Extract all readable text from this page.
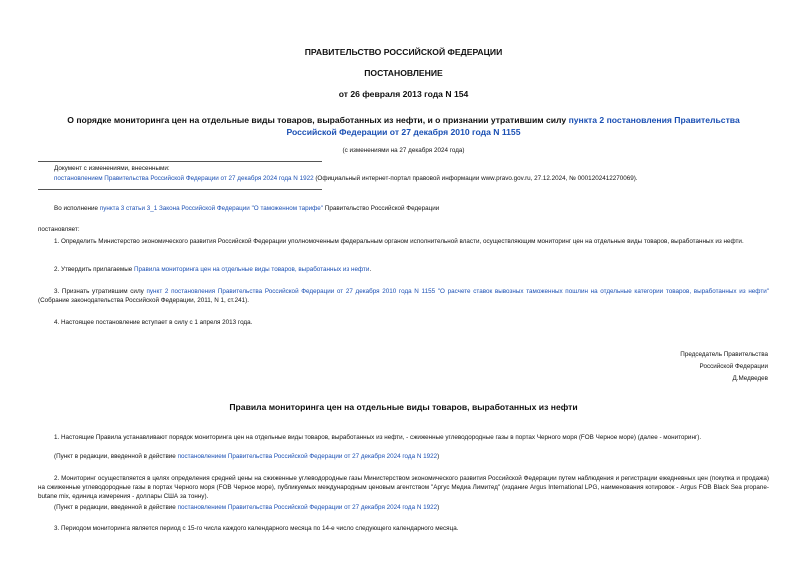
ПРАВИТЕЛЬСТВО РОССИЙСКОЙ ФЕДЕРАЦИИ
ПОСТАНОВЛЕНИЕ
от 26 февраля 2013 года N 154
О порядке мониторинга цен на отдельные виды товаров, выработанных из нефти, и о признании утратившим силу пункта 2 постановления Правительства Российской Федерации от 27 декабря 2010 года N 1155
(с изменениями на 27 декабря 2024 года)
Документ с изменениями, внесенными:
постановлением Правительства Российской Федерации от 27 декабря 2024 года N 1922 (Официальный интернет-портал правовой информации www.pravo.gov.ru, 27.12.2024, № 0001202412270069).
Во исполнение пункта 3 статьи 3_1 Закона Российской Федерации "О таможенном тарифе" Правительство Российской Федерации
постановляет:
1. Определить Министерство экономического развития Российской Федерации уполномоченным федеральным органом исполнительной власти, осуществляющим мониторинг цен на отдельные виды товаров, выработанных из нефти.
2. Утвердить прилагаемые Правила мониторинга цен на отдельные виды товаров, выработанных из нефти.
3. Признать утратившим силу пункт 2 постановления Правительства Российской Федерации от 27 декабря 2010 года N 1155 "О расчете ставок вывозных таможенных пошлин на отдельные категории товаров, выработанных из нефти" (Собрание законодательства Российской Федерации, 2011, N 1, ст.241).
4. Настоящее постановление вступает в силу с 1 апреля 2013 года.
Председатель Правительства
Российской Федерации
Д.Медведев
Правила мониторинга цен на отдельные виды товаров, выработанных из нефти
1. Настоящие Правила устанавливают порядок мониторинга цен на отдельные виды товаров, выработанных из нефти, - сжиженные углеводородные газы в портах Черного моря (FOB Черное море) (далее - мониторинг).
(Пункт в редакции, введенной в действие постановлением Правительства Российской Федерации от 27 декабря 2024 года N 1922)
2. Мониторинг осуществляется в целях определения средней цены на сжиженные углеводородные газы Министерством экономического развития Российской Федерации путем наблюдения и регистрации ежедневных цен (покупка и продажа) на сжиженные углеводородные газы в портах Черного моря (FOB Черное море), публикуемых международным ценовым агентством "Аргус Медиа Лимитед" (издание Argus International LPG, наименования котировок - Argus FOB Black Sea propane-butane mix, единица измерения - доллары США за тонну).
(Пункт в редакции, введенной в действие постановлением Правительства Российской Федерации от 27 декабря 2024 года N 1922)
3. Периодом мониторинга является период с 15-го числа каждого календарного месяца по 14-е число следующего календарного месяца.
